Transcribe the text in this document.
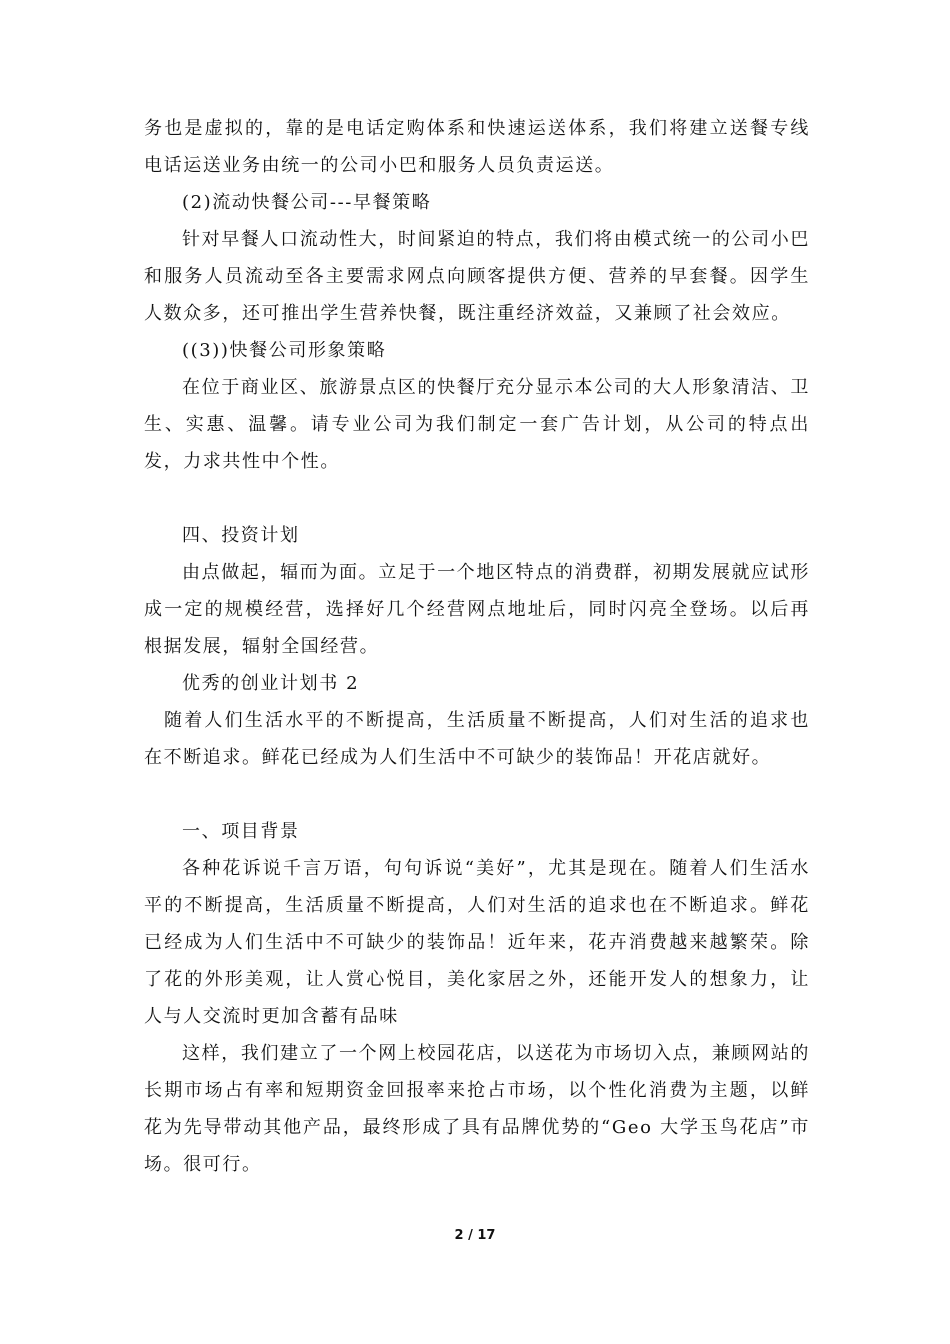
务也是虚拟的，靠的是电话定购体系和快速运送体系，我们将建立送餐专线电话运送业务由统一的公司小巴和服务人员负责运送。

(2)流动快餐公司---早餐策略

针对早餐人口流动性大，时间紧迫的特点，我们将由模式统一的公司小巴和服务人员流动至各主要需求网点向顾客提供方便、营养的早套餐。因学生人数众多，还可推出学生营养快餐，既注重经济效益，又兼顾了社会效应。

((3))快餐公司形象策略

在位于商业区、旅游景点区的快餐厅充分显示本公司的大人形象清洁、卫生、实惠、温馨。请专业公司为我们制定一套广告计划，从公司的特点出发，力求共性中个性。

四、投资计划

由点做起，辐而为面。立足于一个地区特点的消费群，初期发展就应试形成一定的规模经营，选择好几个经营网点地址后，同时闪亮全登场。以后再根据发展，辐射全国经营。

优秀的创业计划书 2

随着人们生活水平的不断提高，生活质量不断提高，人们对生活的追求也在不断追求。鲜花已经成为人们生活中不可缺少的装饰品！开花店就好。

一、项目背景

各种花诉说千言万语，句句诉说“美好”，尤其是现在。随着人们生活水平的不断提高，生活质量不断提高，人们对生活的追求也在不断追求。鲜花已经成为人们生活中不可缺少的装饰品！近年来，花卉消费越来越繁荣。除了花的外形美观，让人赏心悦目，美化家居之外，还能开发人的想象力，让人与人交流时更加含蓄有品味

这样，我们建立了一个网上校园花店，以送花为市场切入点，兼顾网站的长期市场占有率和短期资金回报率来抢占市场，以个性化消费为主题，以鲜花为先导带动其他产品，最终形成了具有品牌优势的“Geo 大学玉鸟花店”市场。很可行。

2 / 17
